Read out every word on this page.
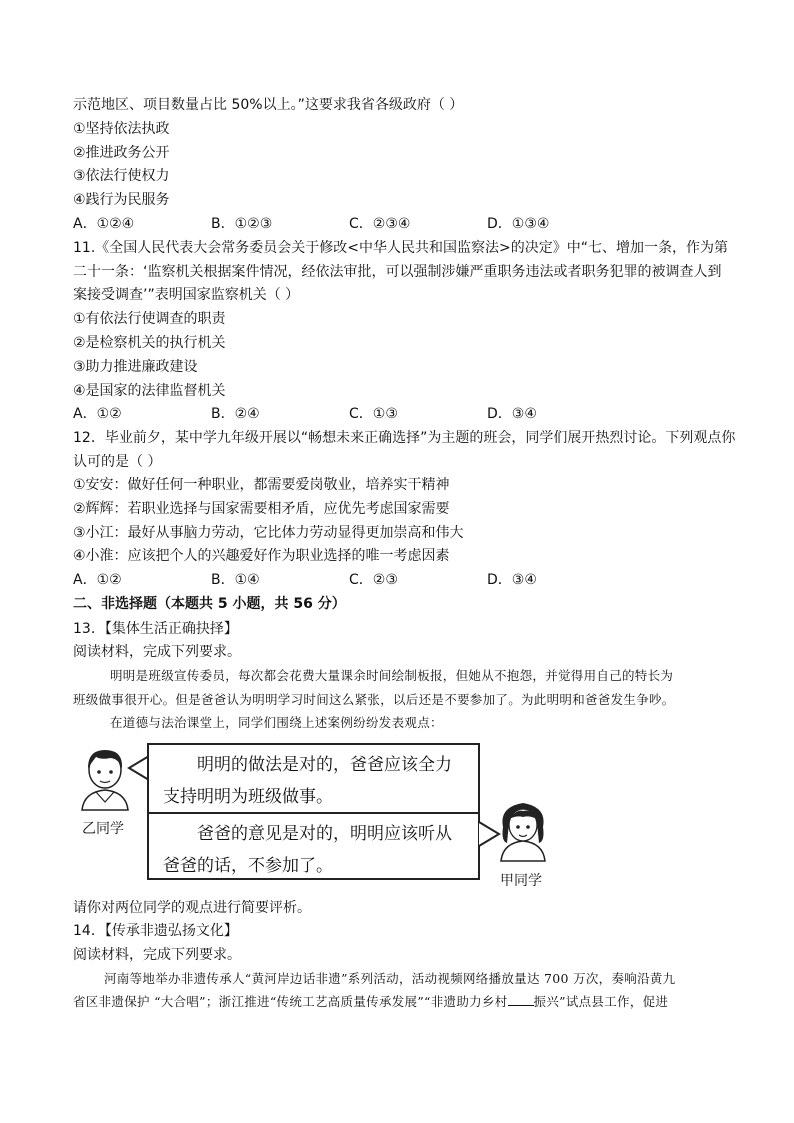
示范地区、项目数量占比 50%以上。”这要求我省各级政府（ ）
①坚持依法执政
②推进政务公开
③依法行使权力
④践行为民服务
A．①②④	B．①②③	C．②③④	D．①③④
11.《全国人民代表大会常务委员会关于修改<中华人民共和国监察法>的决定》中“七、增加一条，作为第
二十一条：‘监察机关根据案件情况，经依法审批，可以强制涉嫌严重职务违法或者职务犯罪的被调查人到
案接受调查’”表明国家监察机关（ ）
①有依法行使调查的职责
②是检察机关的执行机关
③助力推进廉政建设
④是国家的法律监督机关
A．①②	B．②④	C．①③	D．③④
12．毕业前夕，某中学九年级开展以“畅想未来正确选择”为主题的班会，同学们展开热烈讨论。下列观点你
认可的是（ ）
①安安：做好任何一种职业，都需要爱岗敬业，培养实干精神
②辉辉：若职业选择与国家需要相矛盾，应优先考虑国家需要
③小江：最好从事脑力劳动，它比体力劳动显得更加崇高和伟大
④小淮：应该把个人的兴趣爱好作为职业选择的唯一考虑因素
A．①②	B．①④	C．②③	D．③④
二、非选择题（本题共 5 小题，共 56 分）
13．【集体生活正确抉择】
阅读材料，完成下列要求。
明明是班级宣传委员，每次都会花费大量课余时间绘制板报，但她从不抱怨，并觉得用自己的特长为
班级做事很开心。但是爸爸认为明明学习时间这么紧张，以后还是不要参加了。为此明明和爸爸发生争吵。
在道德与法治课堂上，同学们围绕上述案例纷纷发表观点：
乙同学
明明的做法是对的，爸爸应该全力
支持明明为班级做事。
爸爸的意见是对的，明明应该听从
爸爸的话，不参加了。
甲同学
请你对两位同学的观点进行简要评析。
14．【传承非遗弘扬文化】
阅读材料，完成下列要求。
河南等地举办非遗传承人“黄河岸边话非遗”系列活动，活动视频网络播放量达 700 万次，奏响沿黄九
省区非遗保护 “大合唱”；浙江推进“传统工艺高质量传承发展”“非遗助力乡村 振兴”试点县工作，促进
